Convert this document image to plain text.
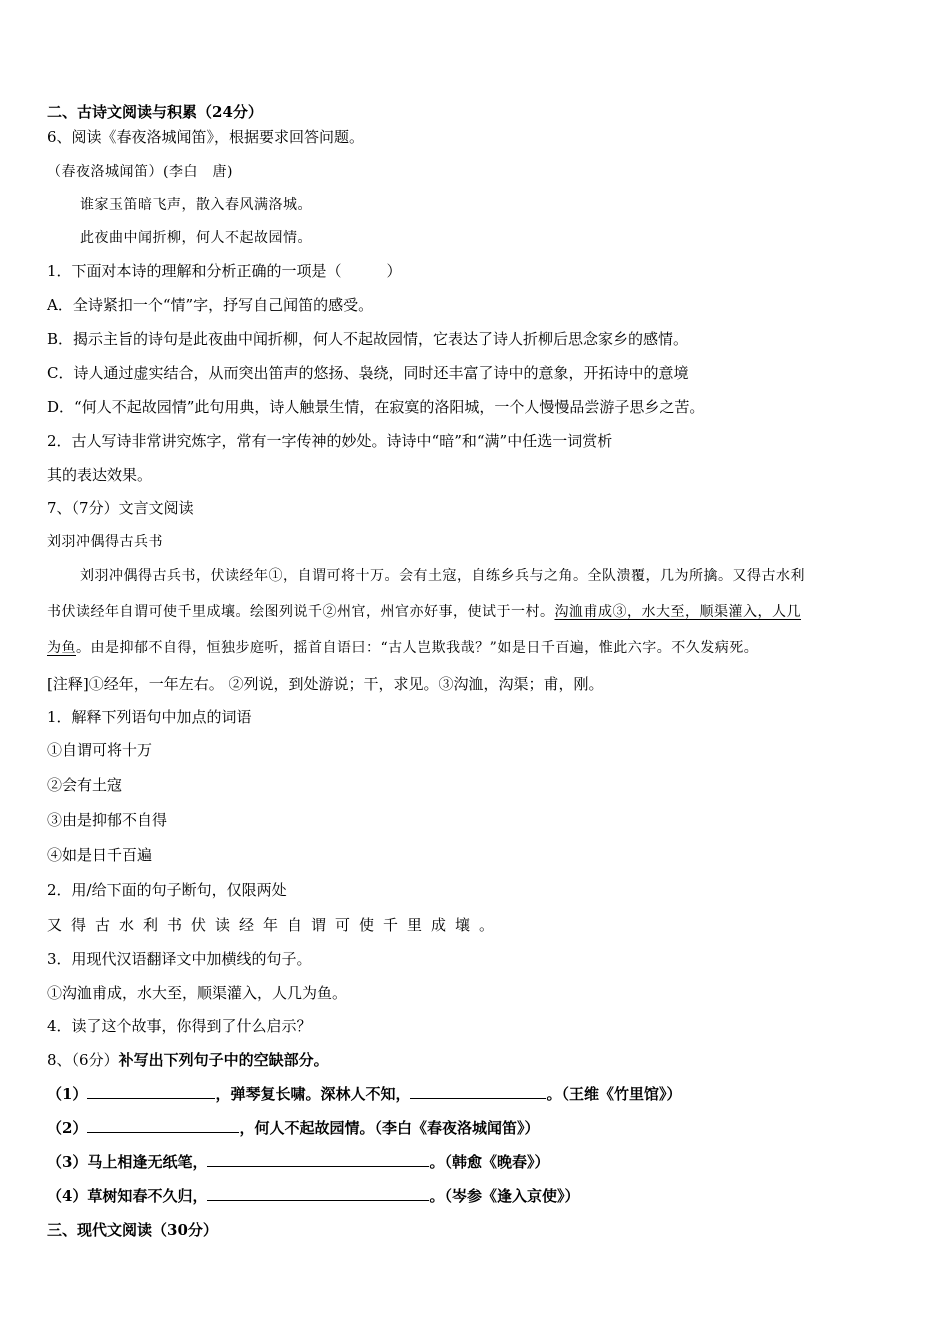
二、古诗文阅读与积累（24分）
6、阅读《春夜洛城闻笛》，根据要求回答问题。
（春夜洛城闻笛）(李白　唐)
谁家玉笛暗飞声，散入春风满洛城。
此夜曲中闻折柳，何人不起故园情。
1．下面对本诗的理解和分析正确的一项是（　　　）
A．全诗紧扣一个“情”字，抒写自己闻笛的感受。
B．揭示主旨的诗句是此夜曲中闻折柳，何人不起故园情，它表达了诗人折柳后思念家乡的感情。
C．诗人通过虚实结合，从而突出笛声的悠扬、袅绕，同时还丰富了诗中的意象，开拓诗中的意境
D．“何人不起故园情”此句用典，诗人触景生情，在寂寞的洛阳城，一个人慢慢品尝游子思乡之苦。
2．古人写诗非常讲究炼字，常有一字传神的妙处。诗诗中“暗”和“满”中任选一词赏析
其的表达效果。
7、（7分）文言文阅读
刘羽冲偶得古兵书
刘羽冲偶得古兵书，伏读经年①，自谓可将十万。会有土寇，自练乡兵与之角。全队溃覆，几为所擒。又得古水利
书伏读经年自谓可使千里成壤。绘图列说千②州官，州官亦好事，使试于一村。沟洫甫成③，水大至，顺渠灌入，人几
为鱼。由是抑郁不自得，恒独步庭听，摇首自语曰：“古人岂欺我哉？”如是日千百遍，惟此六字。不久发病死。
[注释]①经年，一年左右。 ②列说，到处游说；干，求见。③沟洫，沟渠；甫，刚。
1．解释下列语句中加点的词语
①自谓可将十万
②会有土寇
③由是抑郁不自得
④如是日千百遍
2．用/给下面的句子断句，仅限两处
又得古水利书伏读经年自谓可使千里成壤。
3．用现代汉语翻译文中加横线的句子。
①沟洫甫成，水大至，顺渠灌入，人几为鱼。
4．读了这个故事，你得到了什么启示？
8、（6分）补写出下列句子中的空缺部分。
（1）	，弹琴复长啸。深林人不知，	。（王维《竹里馆》）
（2）	，何人不起故园情。（李白《春夜洛城闻笛》）
（3）马上相逢无纸笔，	。（韩愈《晚春》）
（4）草树知春不久归，	。（岑参《逢入京使》）
三、现代文阅读（30分）
